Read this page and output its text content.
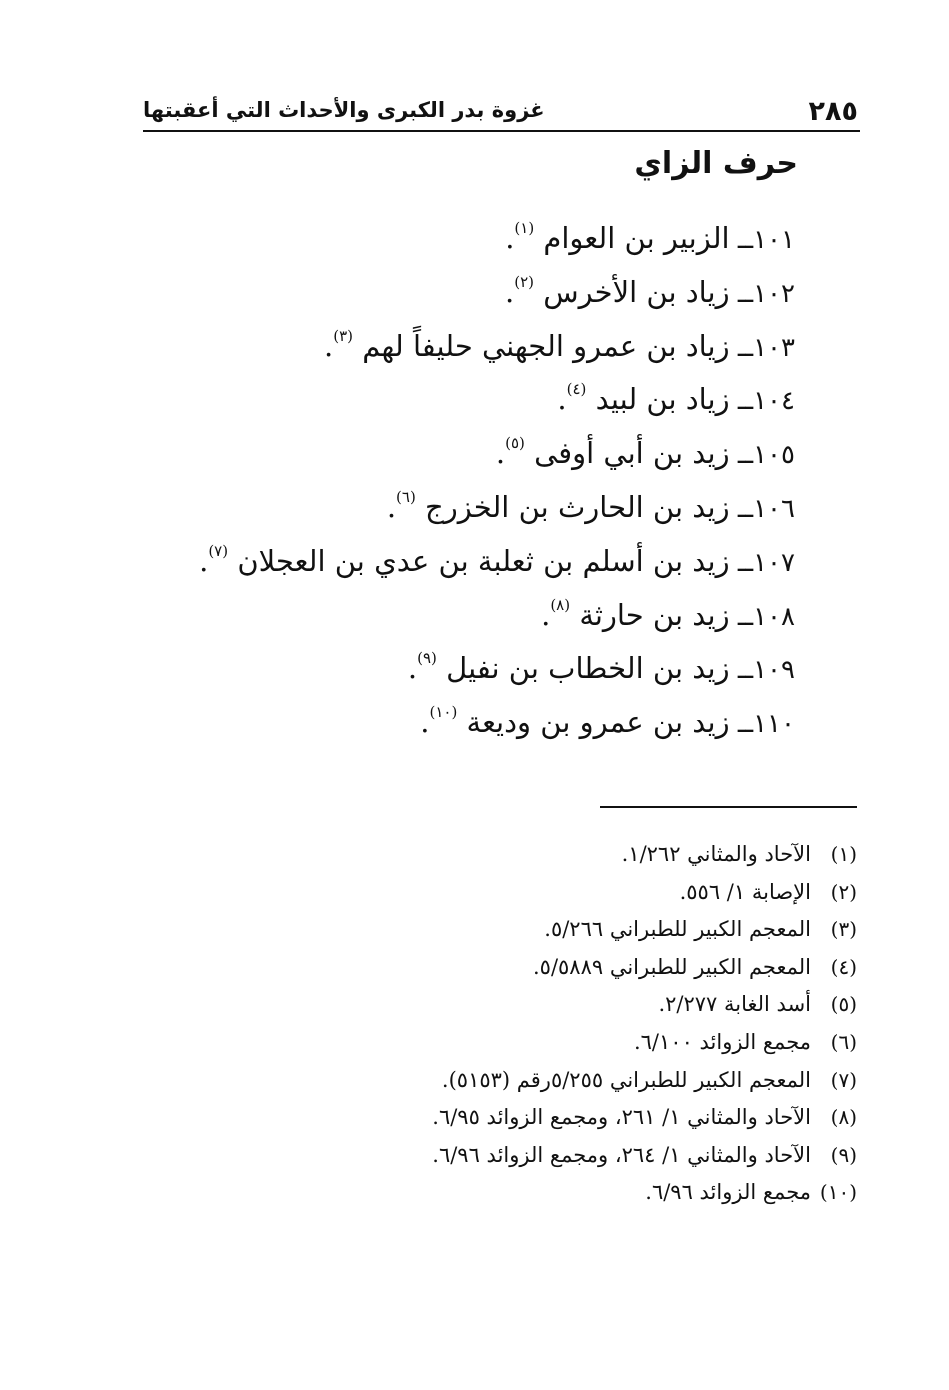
٢٨٥
غزوة بدر الكبرى والأحداث التي أعقبتها
حرف الزاي
١٠١ــ الزبير بن العوام $^{(١)}$.
١٠٢ــ زياد بن الأخرس $^{(٢)}$.
١٠٣ــ زياد بن عمرو الجهني حليفاً لهم $^{(٣)}$.
١٠٤ــ زياد بن لبيد $^{(٤)}$.
١٠٥ــ زيد بن أبي أوفى $^{(٥)}$.
١٠٦ــ زيد بن الحارث بن الخزرج $^{(٦)}$.
١٠٧ــ زيد بن أسلم بن ثعلبة بن عدي بن العجلان $^{(٧)}$.
١٠٨ــ زيد بن حارثة $^{(٨)}$.
١٠٩ــ زيد بن الخطاب بن نفيل $^{(٩)}$.
١١٠ــ زيد بن عمرو بن وديعة $^{(١٠)}$.
(١)الآحاد والمثاني ١/٢٦٢.
(٢)الإصابة ١/ ٥٥٦.
(٣)المعجم الكبير للطبراني ٥/٢٦٦.
(٤)المعجم الكبير للطبراني ٥/٥٨٨٩.
(٥)أسد الغابة ٢/٢٧٧.
(٦)مجمع الزوائد ٦/١٠٠.
(٧)المعجم الكبير للطبراني ٥/٢٥٥رقم (٥١٥٣).
(٨)الآحاد والمثاني ١/ ٢٦١، ومجمع الزوائد ٦/٩٥.
(٩)الآحاد والمثاني ١/ ٢٦٤، ومجمع الزوائد ٦/٩٦.
(١٠)مجمع الزوائد ٦/٩٦.
